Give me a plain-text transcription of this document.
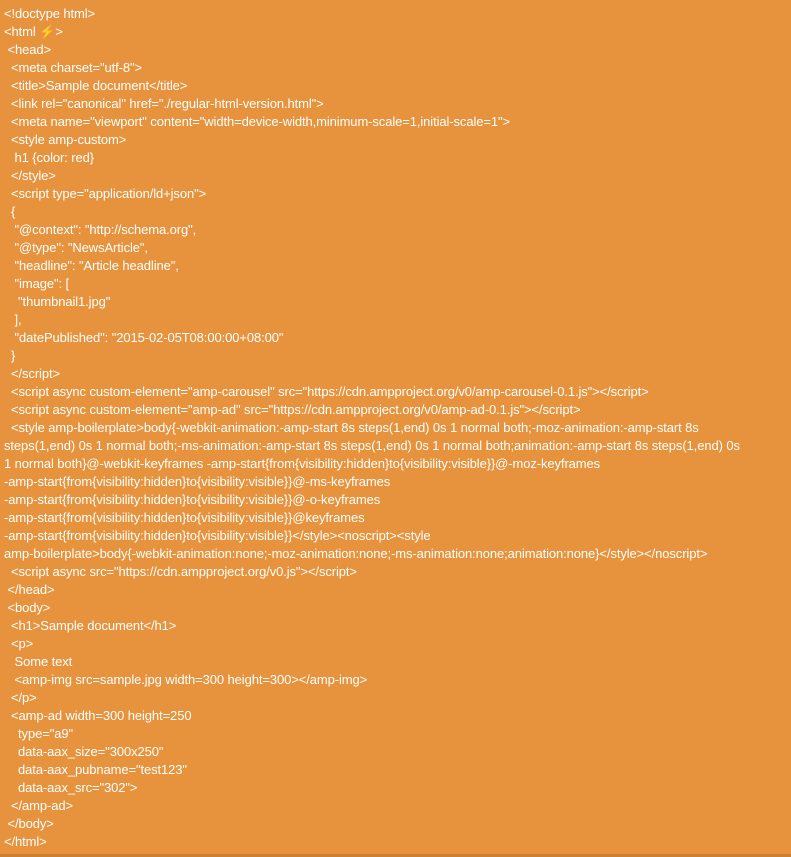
<!doctype html>
<html ⚡>
<head>
<meta charset="utf-8">
<title>Sample document</title>
<link rel="canonical" href="./regular-html-version.html">
<meta name="viewport" content="width=device-width,minimum-scale=1,initial-scale=1">
<style amp-custom>
h1 {color: red}
</style>
<script type="application/ld+json">
{
"@context": "http://schema.org",
"@type": "NewsArticle",
"headline": "Article headline",
"image": [
"thumbnail1.jpg"
],
"datePublished": "2015-02-05T08:00:00+08:00"
}
</script>
<script async custom-element="amp-carousel" src="https://cdn.ampproject.org/v0/amp-carousel-0.1.js"></script>
<script async custom-element="amp-ad" src="https://cdn.ampproject.org/v0/amp-ad-0.1.js"></script>
<style amp-boilerplate>body{-webkit-animation:-amp-start 8s steps(1,end) 0s 1 normal both;-moz-animation:-amp-start 8s
steps(1,end) 0s 1 normal both;-ms-animation:-amp-start 8s steps(1,end) 0s 1 normal both;animation:-amp-start 8s steps(1,end) 0s
1 normal both}@-webkit-keyframes -amp-start{from{visibility:hidden}to{visibility:visible}}@-moz-keyframes
-amp-start{from{visibility:hidden}to{visibility:visible}}@-ms-keyframes
-amp-start{from{visibility:hidden}to{visibility:visible}}@-o-keyframes
-amp-start{from{visibility:hidden}to{visibility:visible}}@keyframes
-amp-start{from{visibility:hidden}to{visibility:visible}}</style><noscript><style
amp-boilerplate>body{-webkit-animation:none;-moz-animation:none;-ms-animation:none;animation:none}</style></noscript>
<script async src="https://cdn.ampproject.org/v0.js"></script>
</head>
<body>
<h1>Sample document</h1>
<p>
Some text
<amp-img src=sample.jpg width=300 height=300></amp-img>
</p>
<amp-ad width=300 height=250
type="a9"
data-aax_size="300x250"
data-aax_pubname="test123"
data-aax_src="302">
</amp-ad>
</body>
</html>
